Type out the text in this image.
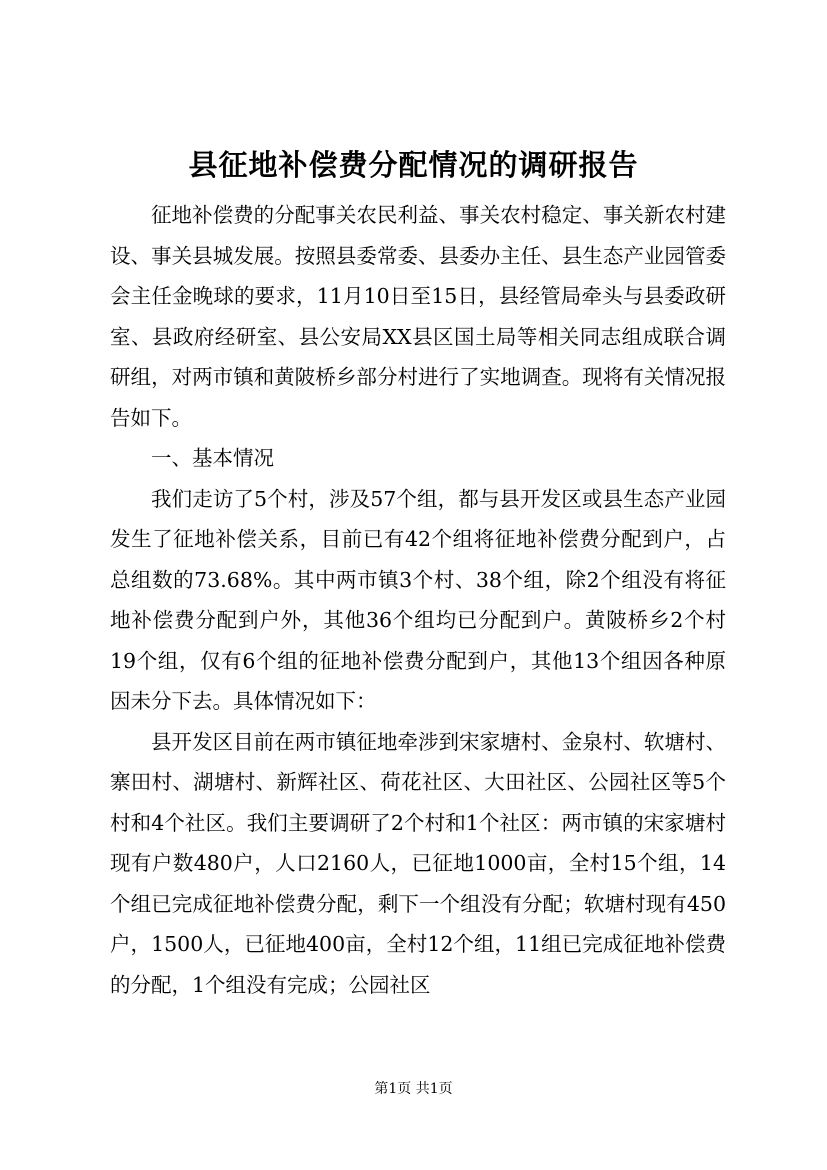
县征地补偿费分配情况的调研报告

征地补偿费的分配事关农民利益、事关农村稳定、事关新农村建设、事关县城发展。按照县委常委、县委办主任、县生态产业园管委会主任金晚球的要求，11月10日至15日，县经管局牵头与县委政研室、县政府经研室、县公安局XX县区国土局等相关同志组成联合调研组，对两市镇和黄陂桥乡部分村进行了实地调查。现将有关情况报告如下。

一、基本情况

我们走访了5个村，涉及57个组，都与县开发区或县生态产业园发生了征地补偿关系，目前已有42个组将征地补偿费分配到户，占总组数的73.68%。其中两市镇3个村、38个组，除2个组没有将征地补偿费分配到户外，其他36个组均已分配到户。黄陂桥乡2个村19个组，仅有6个组的征地补偿费分配到户，其他13个组因各种原因未分下去。具体情况如下：

县开发区目前在两市镇征地牵涉到宋家塘村、金泉村、软塘村、寨田村、湖塘村、新辉社区、荷花社区、大田社区、公园社区等5个村和4个社区。我们主要调研了2个村和1个社区：两市镇的宋家塘村现有户数480户，人口2160人，已征地1000亩，全村15个组，14个组已完成征地补偿费分配，剩下一个组没有分配；软塘村现有450户，1500人，已征地400亩，全村12个组，11组已完成征地补偿费的分配，1个组没有完成；公园社区

第1页 共1页
